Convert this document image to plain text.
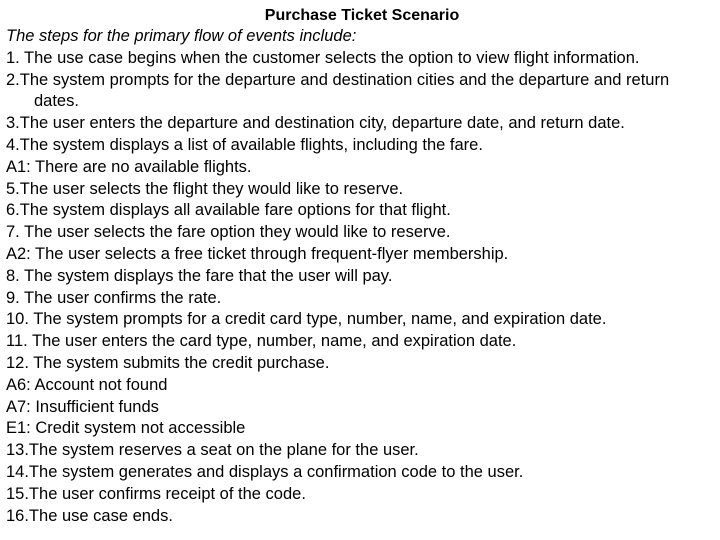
Purchase Ticket Scenario
The steps for the primary flow of events include:
1. The use case begins when the customer selects the option to view flight information.
2.The system prompts for the departure and destination cities and the departure and return dates.
3.The user enters the departure and destination city, departure date, and return date.
4.The system displays a list of available flights, including the fare.
A1: There are no available flights.
5.The user selects the flight they would like to reserve.
6.The system displays all available fare options for that flight.
7. The user selects the fare option they would like to reserve.
A2: The user selects a free ticket through frequent-flyer membership.
8. The system displays the fare that the user will pay.
9. The user confirms the rate.
10. The system prompts for a credit card type, number, name, and expiration date.
11. The user enters the card type, number, name, and expiration date.
12. The system submits the credit purchase.
A6: Account not found
A7: Insufficient funds
E1: Credit system not accessible
13.The system reserves a seat on the plane for the user.
14.The system generates and displays a confirmation code to the user.
15.The user confirms receipt of the code.
16.The use case ends.
